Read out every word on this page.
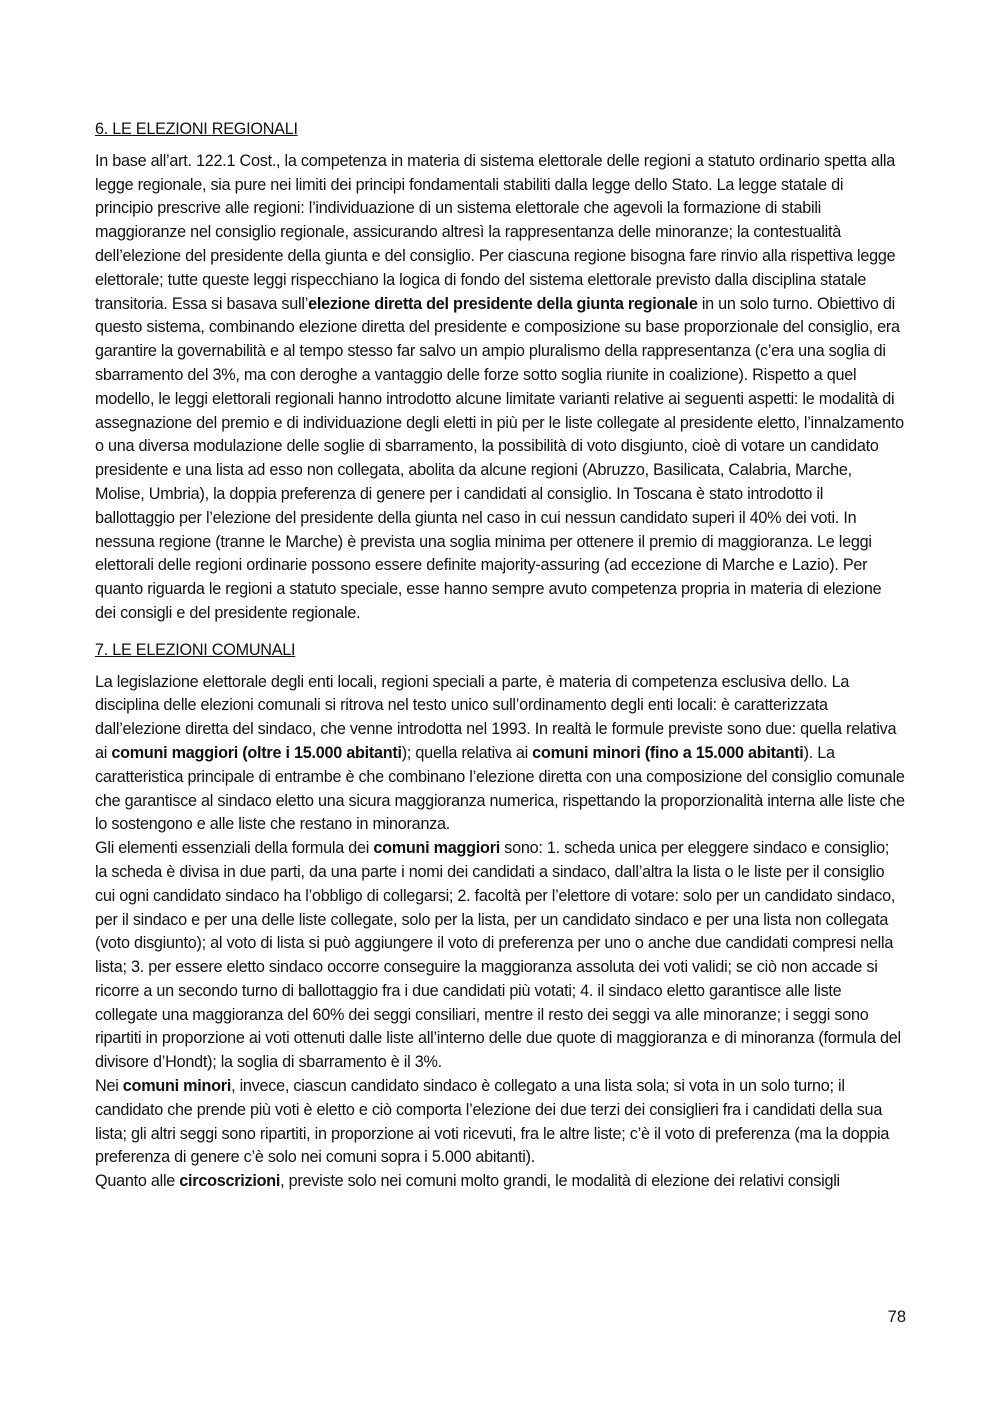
6. LE ELEZIONI REGIONALI

In base all’art. 122.1 Cost., la competenza in materia di sistema elettorale delle regioni a statuto ordinario spetta alla legge regionale, sia pure nei limiti dei principi fondamentali stabiliti dalla legge dello Stato. La legge statale di principio prescrive alle regioni: l’individuazione di un sistema elettorale che agevoli la formazione di stabili maggioranze nel consiglio regionale, assicurando altresì la rappresentanza delle minoranze; la contestualità dell’elezione del presidente della giunta e del consiglio. Per ciascuna regione bisogna fare rinvio alla rispettiva legge elettorale; tutte queste leggi rispecchiano la logica di fondo del sistema elettorale previsto dalla disciplina statale transitoria. Essa si basava sull’elezione diretta del presidente della giunta regionale in un solo turno. Obiettivo di questo sistema, combinando elezione diretta del presidente e composizione su base proporzionale del consiglio, era garantire la governabilità e al tempo stesso far salvo un ampio pluralismo della rappresentanza (c’era una soglia di sbarramento del 3%, ma con deroghe a vantaggio delle forze sotto soglia riunite in coalizione). Rispetto a quel modello, le leggi elettorali regionali hanno introdotto alcune limitate varianti relative ai seguenti aspetti: le modalità di assegnazione del premio e di individuazione degli eletti in più per le liste collegate al presidente eletto, l’innalzamento o una diversa modulazione delle soglie di sbarramento, la possibilità di voto disgiunto, cioè di votare un candidato presidente e una lista ad esso non collegata, abolita da alcune regioni (Abruzzo, Basilicata, Calabria, Marche, Molise, Umbria), la doppia preferenza di genere per i candidati al consiglio. In Toscana è stato introdotto il ballottaggio per l’elezione del presidente della giunta nel caso in cui nessun candidato superi il 40% dei voti. In nessuna regione (tranne le Marche) è prevista una soglia minima per ottenere il premio di maggioranza. Le leggi elettorali delle regioni ordinarie possono essere definite majority-assuring (ad eccezione di Marche e Lazio). Per quanto riguarda le regioni a statuto speciale, esse hanno sempre avuto competenza propria in materia di elezione dei consigli e del presidente regionale.

7. LE ELEZIONI COMUNALI

La legislazione elettorale degli enti locali, regioni speciali a parte, è materia di competenza esclusiva dello. La disciplina delle elezioni comunali si ritrova nel testo unico sull’ordinamento degli enti locali: è caratterizzata dall’elezione diretta del sindaco, che venne introdotta nel 1993. In realtà le formule previste sono due: quella relativa ai comuni maggiori (oltre i 15.000 abitanti); quella relativa ai comuni minori (fino a 15.000 abitanti). La caratteristica principale di entrambe è che combinano l’elezione diretta con una composizione del consiglio comunale che garantisce al sindaco eletto una sicura maggioranza numerica, rispettando la proporzionalità interna alle liste che lo sostengono e alle liste che restano in minoranza.

Gli elementi essenziali della formula dei comuni maggiori sono: 1. scheda unica per eleggere sindaco e consiglio; la scheda è divisa in due parti, da una parte i nomi dei candidati a sindaco, dall’altra la lista o le liste per il consiglio cui ogni candidato sindaco ha l’obbligo di collegarsi; 2. facoltà per l’elettore di votare: solo per un candidato sindaco, per il sindaco e per una delle liste collegate, solo per la lista, per un candidato sindaco e per una lista non collegata (voto disgiunto); al voto di lista si può aggiungere il voto di preferenza per uno o anche due candidati compresi nella lista; 3. per essere eletto sindaco occorre conseguire la maggioranza assoluta dei voti validi; se ciò non accade si ricorre a un secondo turno di ballottaggio fra i due candidati più votati; 4. il sindaco eletto garantisce alle liste collegate una maggioranza del 60% dei seggi consiliari, mentre il resto dei seggi va alle minoranze; i seggi sono ripartiti in proporzione ai voti ottenuti dalle liste all’interno delle due quote di maggioranza e di minoranza (formula del divisore d’Hondt); la soglia di sbarramento è il 3%.

Nei comuni minori, invece, ciascun candidato sindaco è collegato a una lista sola; si vota in un solo turno; il candidato che prende più voti è eletto e ciò comporta l’elezione dei due terzi dei consiglieri fra i candidati della sua lista; gli altri seggi sono ripartiti, in proporzione ai voti ricevuti, fra le altre liste; c’è il voto di preferenza (ma la doppia preferenza di genere c’è solo nei comuni sopra i 5.000 abitanti).

Quanto alle circoscrizioni, previste solo nei comuni molto grandi, le modalità di elezione dei relativi consigli

78
